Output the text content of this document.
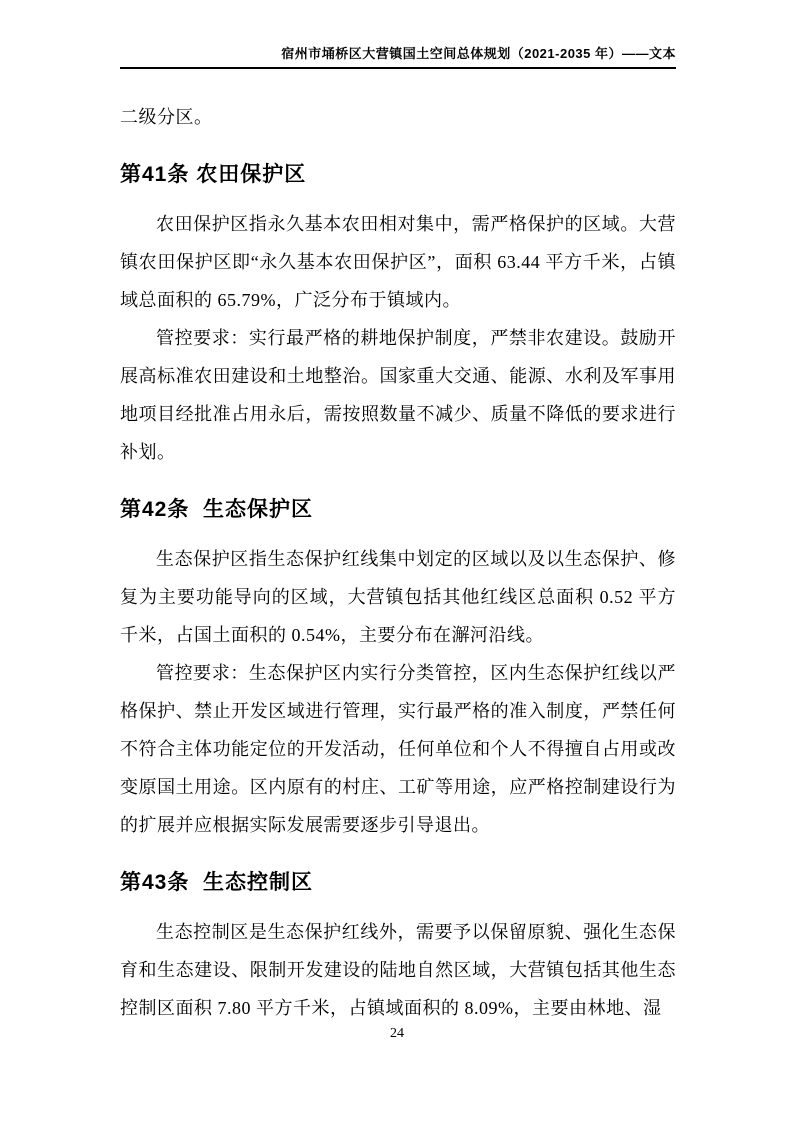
宿州市埇桥区大营镇国土空间总体规划（2021-2035 年）——文本

二级分区。

第41条 农田保护区

农田保护区指永久基本农田相对集中，需严格保护的区域。大营镇农田保护区即“永久基本农田保护区”，面积 63.44 平方千米，占镇域总面积的 65.79%，广泛分布于镇域内。

管控要求：实行最严格的耕地保护制度，严禁非农建设。鼓励开展高标准农田建设和土地整治。国家重大交通、能源、水利及军事用地项目经批准占用永后，需按照数量不减少、质量不降低的要求进行补划。

第42条  生态保护区

生态保护区指生态保护红线集中划定的区域以及以生态保护、修复为主要功能导向的区域，大营镇包括其他红线区总面积 0.52 平方千米，占国土面积的 0.54%，主要分布在澥河沿线。

管控要求：生态保护区内实行分类管控，区内生态保护红线以严格保护、禁止开发区域进行管理，实行最严格的准入制度，严禁任何不符合主体功能定位的开发活动，任何单位和个人不得擅自占用或改变原国土用途。区内原有的村庄、工矿等用途，应严格控制建设行为的扩展并应根据实际发展需要逐步引导退出。

第43条  生态控制区

生态控制区是生态保护红线外，需要予以保留原貌、强化生态保育和生态建设、限制开发建设的陆地自然区域，大营镇包括其他生态控制区面积 7.80 平方千米，占镇域面积的 8.09%，主要由林地、湿

24
